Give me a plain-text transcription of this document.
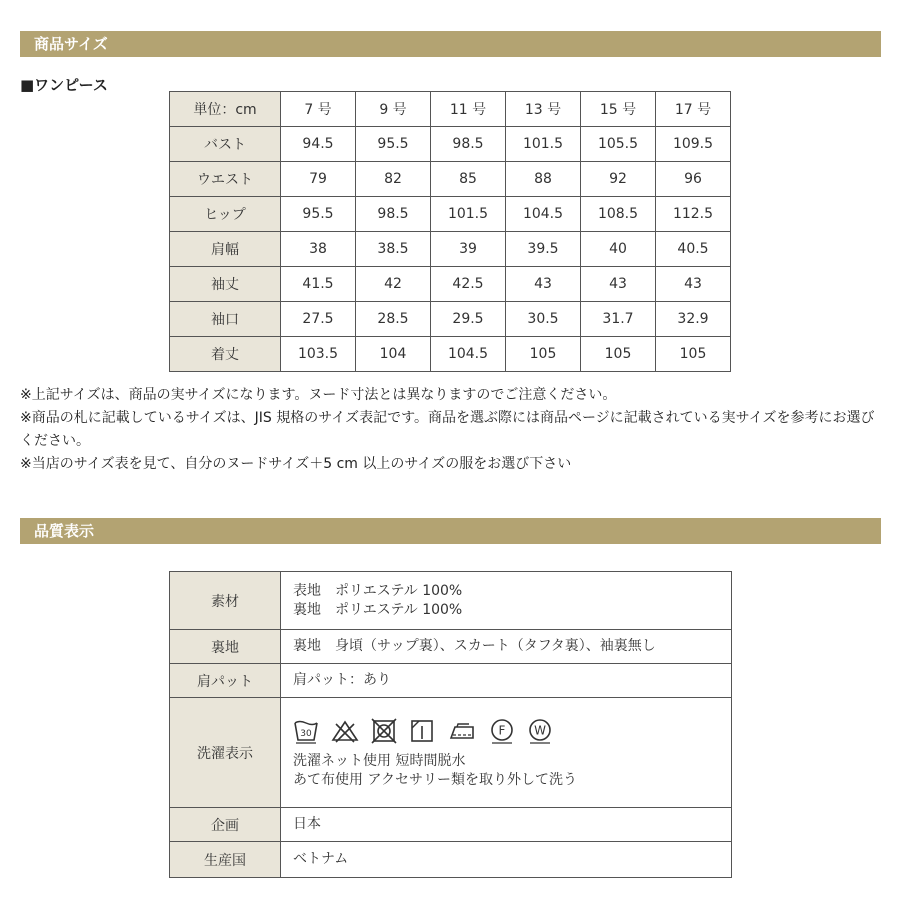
商品サイズ
■ワンピース
単位：cm	7 号	9 号	11 号	13 号	15 号	17 号
バスト	94.5	95.5	98.5	101.5	105.5	109.5
ウエスト	79	82	85	88	92	96
ヒップ	95.5	98.5	101.5	104.5	108.5	112.5
肩幅	38	38.5	39	39.5	40	40.5
袖丈	41.5	42	42.5	43	43	43
袖口	27.5	28.5	29.5	30.5	31.7	32.9
着丈	103.5	104	104.5	105	105	105

※上記サイズは、商品の実サイズになります。ヌード寸法とは異なりますのでご注意ください。

※商品の札に記載しているサイズは、JIS 規格のサイズ表記です。商品を選ぶ際には商品ページに記載されている実サイズを参考にお選びください。

※当店のサイズ表を見て、自分のヌードサイズ＋5 cm 以上のサイズの服をお選び下さい

品質表示
素材	表地　ポリエステル 100%
裏地　ポリエステル 100%

裏地	裏地　身頃（サップ裏）、スカート（タフタ裏）、袖裏無し
肩パット	肩パット：あり
洗濯表示	30 F W
洗濯ネット使用 短時間脱水
あて布使用 アクセサリー類を取り外して洗う

企画	日本
生産国	ベトナム
